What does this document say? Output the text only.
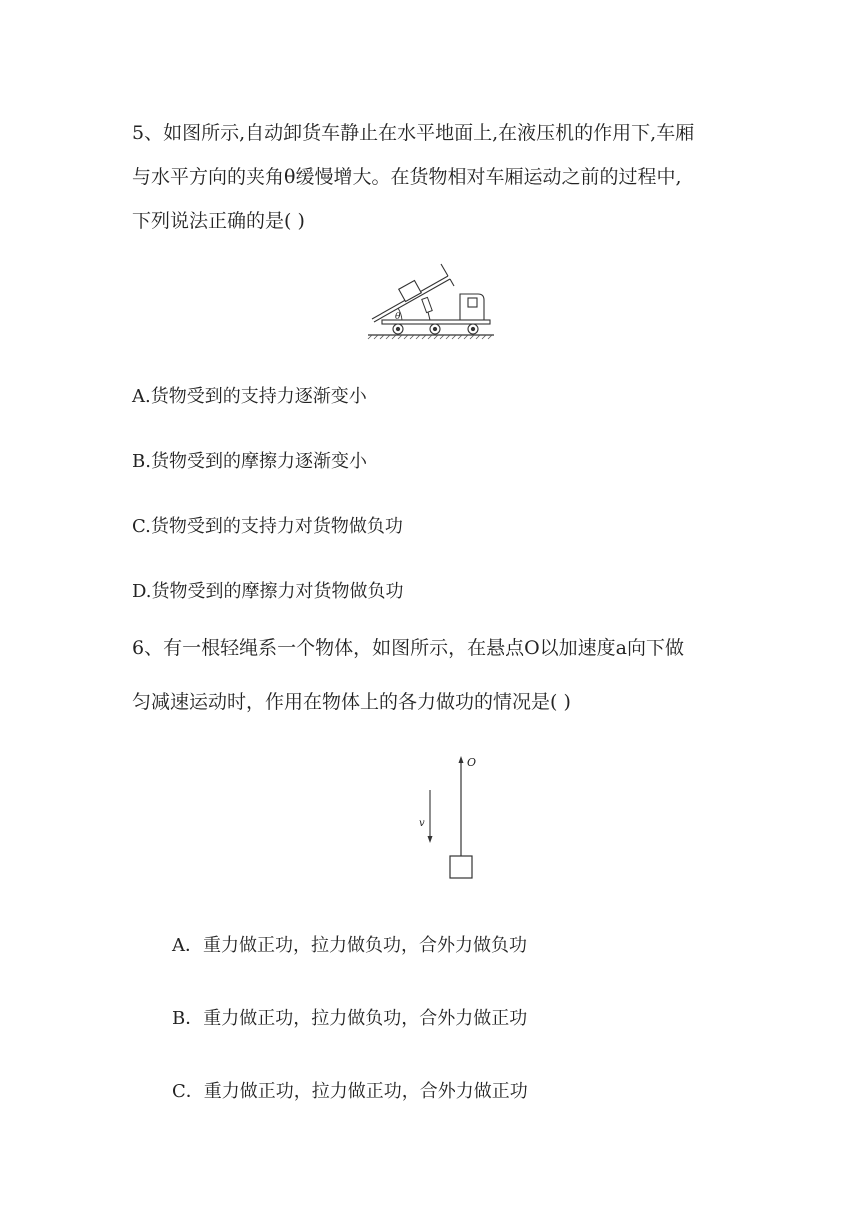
5、如图所示,自动卸货车静止在水平地面上,在液压机的作用下,车厢
与水平方向的夹角θ缓慢增大。在货物相对车厢运动之前的过程中,
下列说法正确的是( )
θ
A.货物受到的支持力逐渐变小
B.货物受到的摩擦力逐渐变小
C.货物受到的支持力对货物做负功
D.货物受到的摩擦力对货物做负功
6、有一根轻绳系一个物体，如图所示，在悬点O以加速度a向下做
匀减速运动时，作用在物体上的各力做功的情况是( )
O
v
A．重力做正功，拉力做负功，合外力做负功
B．重力做正功，拉力做负功，合外力做正功
C．重力做正功，拉力做正功，合外力做正功
